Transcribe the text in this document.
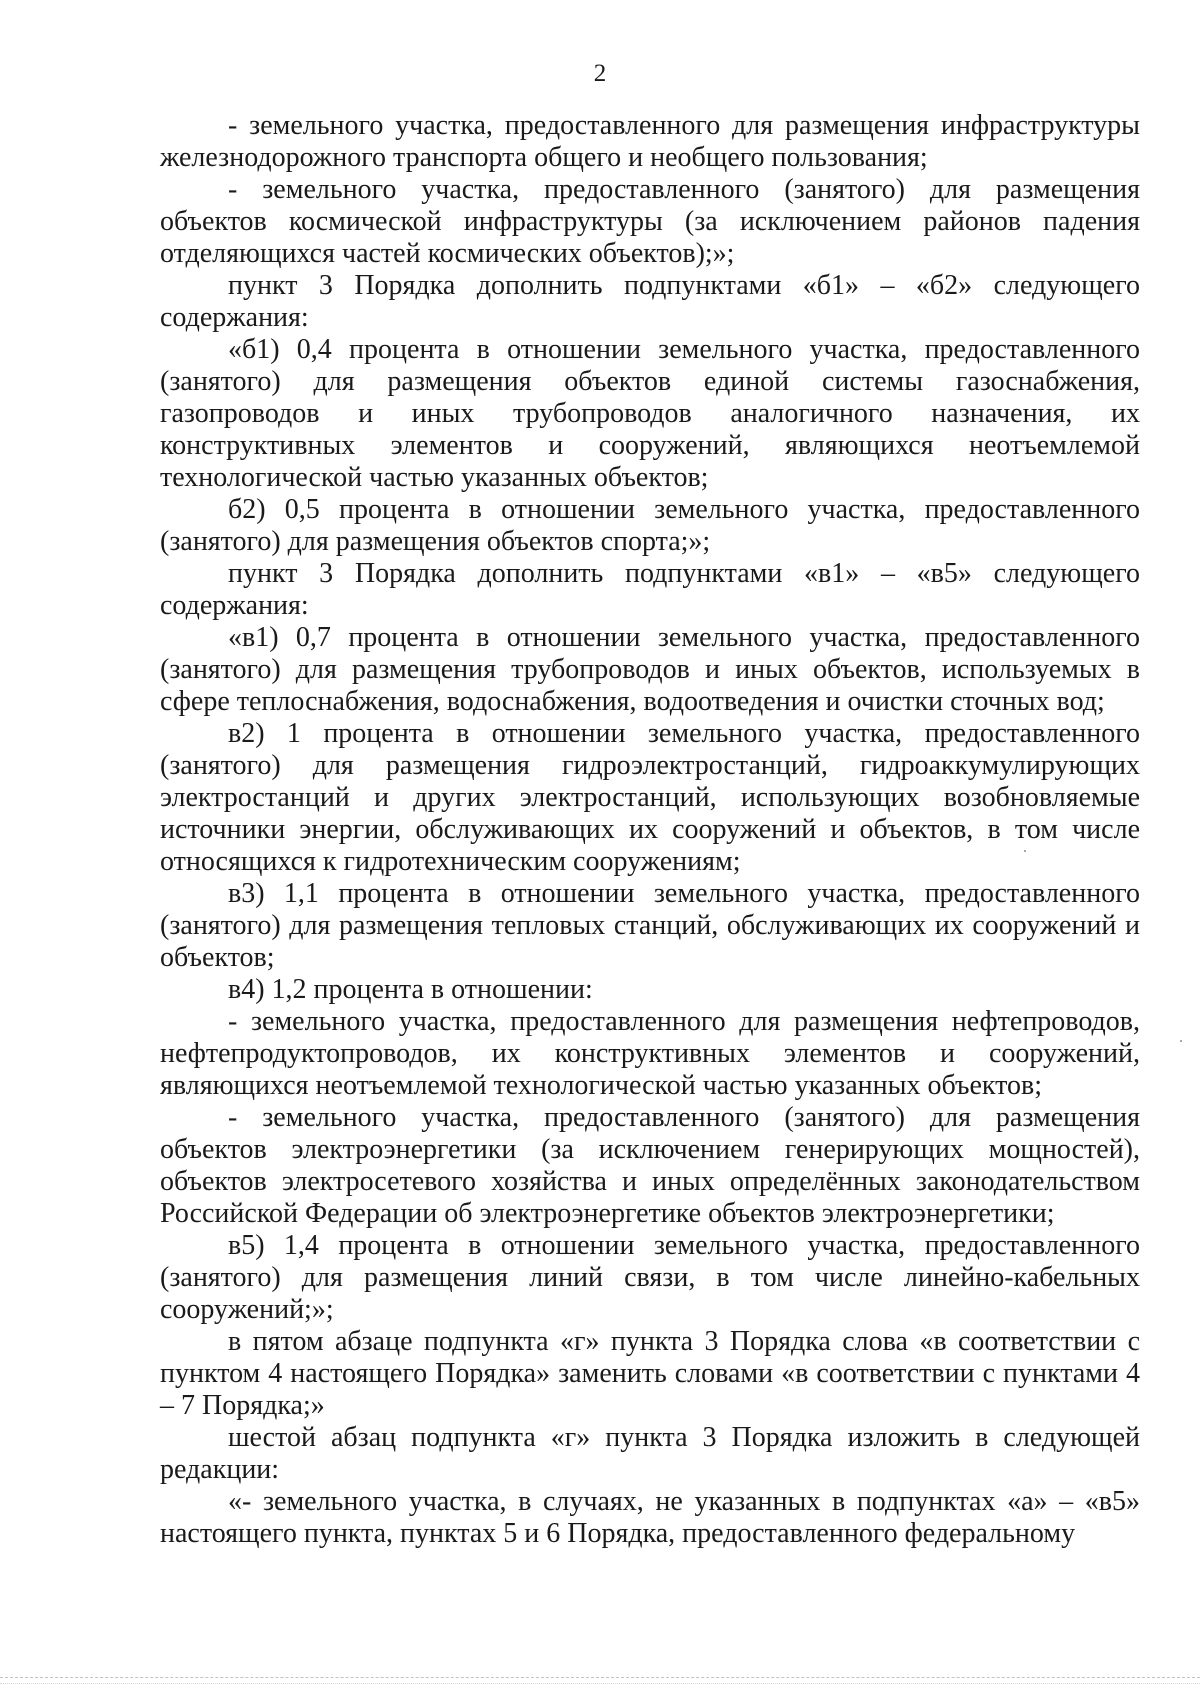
2

- земельного участка, предоставленного для размещения инфраструктуры железнодорожного транспорта общего и необщего пользования;

- земельного участка, предоставленного (занятого) для размещения объектов космической инфраструктуры (за исключением районов падения отделяющихся частей космических объектов);»;

пункт 3 Порядка дополнить подпунктами «б1» – «б2» следующего содержания:

«б1) 0,4 процента в отношении земельного участка, предоставленного (занятого) для размещения объектов единой системы газоснабжения, газопроводов и иных трубопроводов аналогичного назначения, их конструктивных элементов и сооружений, являющихся неотъемлемой технологической частью указанных объектов;

б2) 0,5 процента в отношении земельного участка, предоставленного (занятого) для размещения объектов спорта;»;

пункт 3 Порядка дополнить подпунктами «в1» – «в5» следующего содержания:

«в1) 0,7 процента в отношении земельного участка, предоставленного (занятого) для размещения трубопроводов и иных объектов, используемых в сфере теплоснабжения, водоснабжения, водоотведения и очистки сточных вод;

в2) 1 процента в отношении земельного участка, предоставленного (занятого) для размещения гидроэлектростанций, гидроаккумулирующих электростанций и других электростанций, использующих возобновляемые источники энергии, обслуживающих их сооружений и объектов, в том числе относящихся к гидротехническим сооружениям;

в3) 1,1 процента в отношении земельного участка, предоставленного (занятого) для размещения тепловых станций, обслуживающих их сооружений и объектов;

в4) 1,2 процента в отношении:

- земельного участка, предоставленного для размещения нефтепроводов, нефтепродуктопроводов, их конструктивных элементов и сооружений, являющихся неотъемлемой технологической частью указанных объектов;

- земельного участка, предоставленного (занятого) для размещения объектов электроэнергетики (за исключением генерирующих мощностей), объектов электросетевого хозяйства и иных определённых законодательством Российской Федерации об электроэнергетике объектов электроэнергетики;

в5) 1,4 процента в отношении земельного участка, предоставленного (занятого) для размещения линий связи, в том числе линейно-кабельных сооружений;»;

в пятом абзаце подпункта «г» пункта 3 Порядка слова «в соответствии с пунктом 4 настоящего Порядка» заменить словами «в соответствии с пунктами 4 – 7 Порядка;»

шестой абзац подпункта «г» пункта 3 Порядка изложить в следующей редакции:

«- земельного участка, в случаях, не указанных в подпунктах «а» – «в5» настоящего пункта, пунктах 5 и 6 Порядка, предоставленного федеральному
